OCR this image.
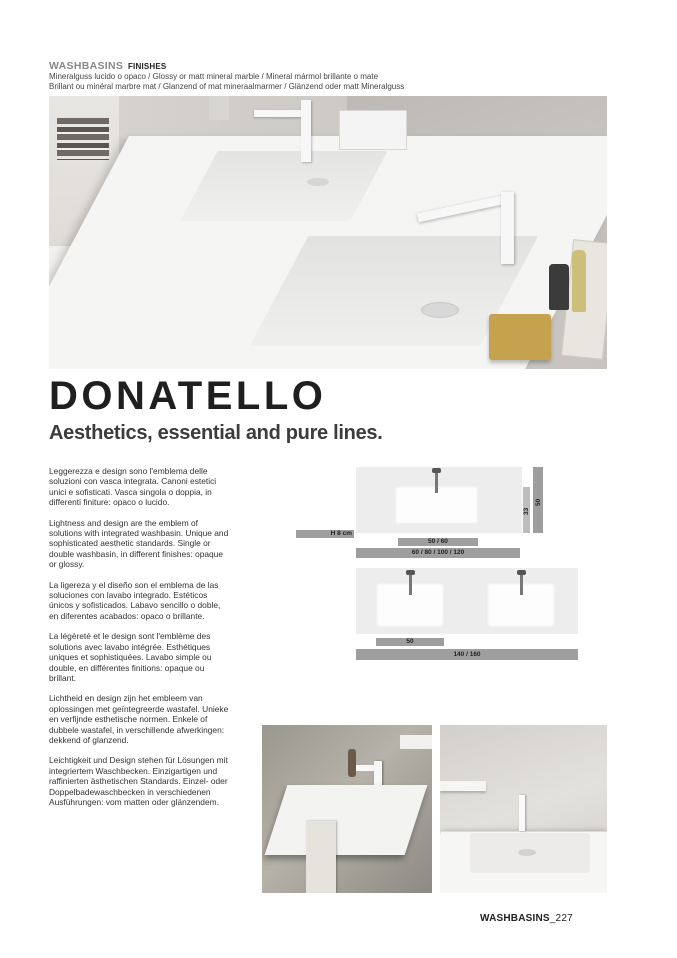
WASHBASINS FINISHES
Mineralguss lucido o opaco / Glossy or matt mineral marble / Mineral mármol brillante o mate
Brillant ou minéral marbre mat / Glanzend of mat mineraalmarmer / Glänzend oder matt Mineralguss
DONATELLO
Aesthetics, essential and pure lines.

Leggerezza e design sono l'emblema delle soluzioni con vasca integrata. Canoni estetici unici e sofisticati. Vasca singola o doppia, in differenti finiture: opaco o lucido.

Lightness and design are the emblem of solutions with integrated washbasin. Unique and sophisticated aesthetic standards. Single or double washbasin, in different finishes: opaque or glossy.

La ligereza y el diseño son el emblema de las soluciones con lavabo integrado. Estéticos únicos y sofisticados. Labavo sencillo o doble, en diferentes acabados: opaco o brillante.

La légèreté et le design sont l'emblème des solutions avec lavabo intégrée. Esthétiques uniques et sophistiquées. Lavabo simple ou double, en différentes finitions: opaque ou brillant.

Lichtheid en design zijn het embleem van oplossingen met geïntegreerde wastafel. Unieke en verfijnde esthetische normen. Enkele of dubbele wastafel, in verschillende afwerkingen: dekkend of glanzend.

Leichtigkeit und Design stehen für Lösungen mit integriertem Waschbecken. Einzigartigen und raffinierten ästhetischen Standards. Einzel- oder Doppelbadewaschbecken in verschiedenen Ausführungen: vom matten oder glänzendem.

33
50
H 8 cm
50 / 60
60 / 80 / 100 / 120
50
140 / 160
WASHBASINS_227
